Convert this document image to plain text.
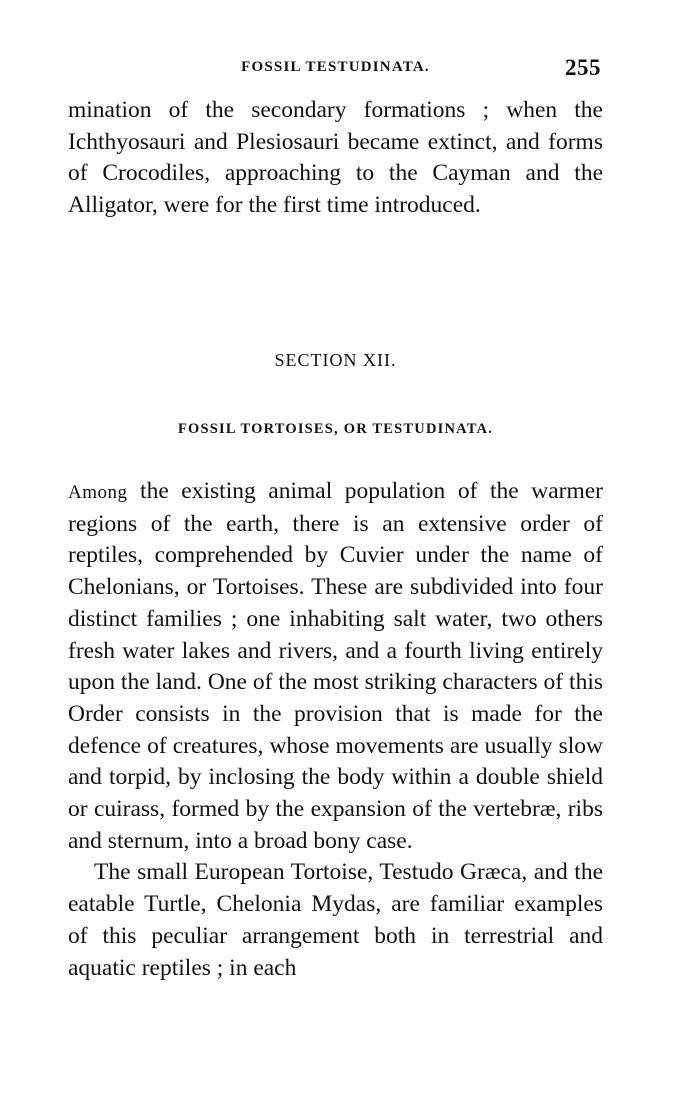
FOSSIL TESTUDINATA.	255

mination of the secondary formations ; when the Ichthyosauri and Plesiosauri became extinct, and forms of Crocodiles, approaching to the Cayman and the Alligator, were for the first time introduced.

SECTION XII.
FOSSIL TORTOISES, OR TESTUDINATA.

Among the existing animal population of the warmer regions of the earth, there is an extensive order of reptiles, comprehended by Cuvier under the name of Chelonians, or Tortoises. These are subdivided into four distinct families ; one inhabiting salt water, two others fresh water lakes and rivers, and a fourth living entirely upon the land. One of the most striking characters of this Order consists in the provision that is made for the defence of creatures, whose movements are usually slow and torpid, by inclosing the body within a double shield or cuirass, formed by the expansion of the vertebræ, ribs and sternum, into a broad bony case.

The small European Tortoise, Testudo Græca, and the eatable Turtle, Chelonia Mydas, are familiar examples of this peculiar arrangement both in terrestrial and aquatic reptiles ; in each
